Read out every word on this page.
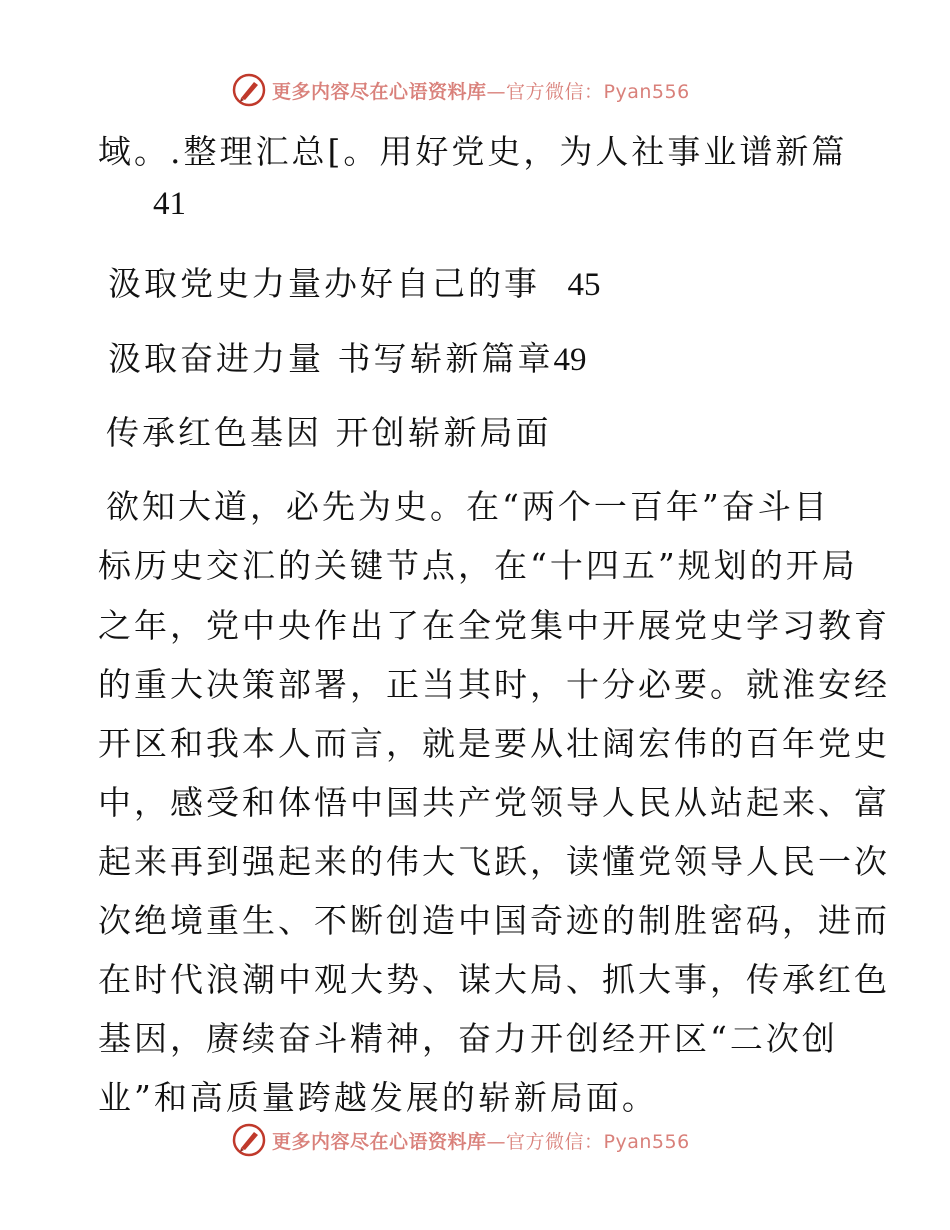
更多内容尽在心语资料库—官方微信：Pyan556
域。.整理汇总[。用好党史，为人社事业谱新篇
41
汲取党史力量办好自己的事 45
汲取奋进力量 书写崭新篇章49
传承红色基因 开创崭新局面
欲知大道，必先为史。在“两个一百年”奋斗目
标历史交汇的关键节点，在“十四五”规划的开局
之年，党中央作出了在全党集中开展党史学习教育
的重大决策部署，正当其时，十分必要。就淮安经
开区和我本人而言，就是要从壮阔宏伟的百年党史
中，感受和体悟中国共产党领导人民从站起来、富
起来再到强起来的伟大飞跃，读懂党领导人民一次
次绝境重生、不断创造中国奇迹的制胜密码，进而
在时代浪潮中观大势、谋大局、抓大事，传承红色
基因，赓续奋斗精神，奋力开创经开区“二次创
业”和高质量跨越发展的崭新局面。
更多内容尽在心语资料库—官方微信：Pyan556
